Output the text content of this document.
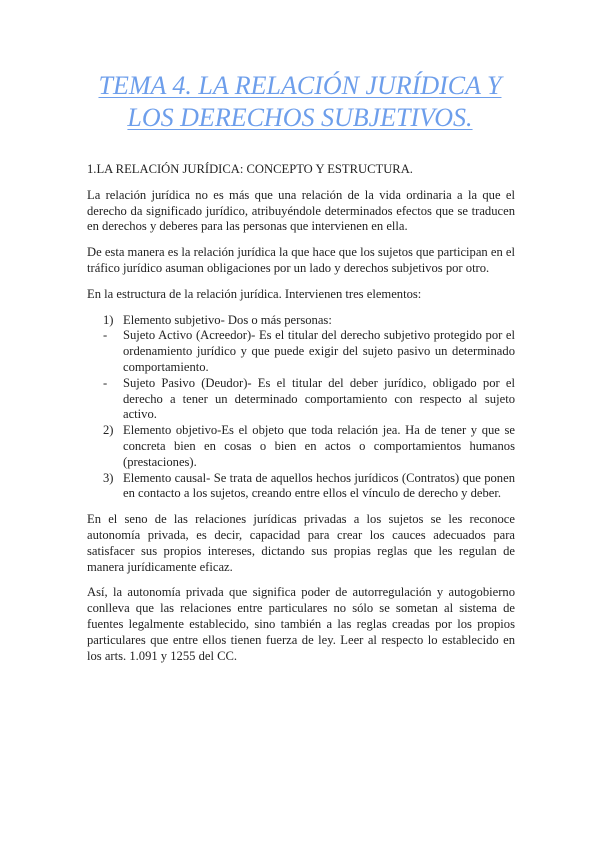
TEMA 4. LA RELACIÓN JURÍDICA Y
LOS DERECHOS SUBJETIVOS.
1.LA RELACIÓN JURÍDICA: CONCEPTO Y ESTRUCTURA.

La relación jurídica no es más que una relación de la vida ordinaria a la que el derecho da significado jurídico, atribuyéndole determinados efectos que se traducen en derechos y deberes para las personas que intervienen en ella.

De esta manera es la relación jurídica la que hace que los sujetos que participan en el tráfico jurídico asuman obligaciones por un lado y derechos subjetivos por otro.

En la estructura de la relación jurídica. Intervienen tres elementos:

1) Elemento subjetivo- Dos o más personas:
- Sujeto Activo (Acreedor)- Es el titular del derecho subjetivo protegido por el ordenamiento jurídico y que puede exigir del sujeto pasivo un determinado comportamiento.
- Sujeto Pasivo (Deudor)- Es el titular del deber jurídico, obligado por el derecho a tener un determinado comportamiento con respecto al sujeto activo.
2) Elemento objetivo-Es el objeto que toda relación jea. Ha de tener y que se concreta bien en cosas o bien en actos o comportamientos humanos (prestaciones).
3) Elemento causal- Se trata de aquellos hechos jurídicos (Contratos) que ponen en contacto a los sujetos, creando entre ellos el vínculo de derecho y deber.

En el seno de las relaciones jurídicas privadas a los sujetos se les reconoce autonomía privada, es decir, capacidad para crear los cauces adecuados para satisfacer sus propios intereses, dictando sus propias reglas que les regulan de manera jurídicamente eficaz.

Así, la autonomía privada que significa poder de autorregulación y autogobierno conlleva que las relaciones entre particulares no sólo se sometan al sistema de fuentes legalmente establecido, sino también a las reglas creadas por los propios particulares que entre ellos tienen fuerza de ley. Leer al respecto lo establecido en los arts. 1.091 y 1255 del CC.
